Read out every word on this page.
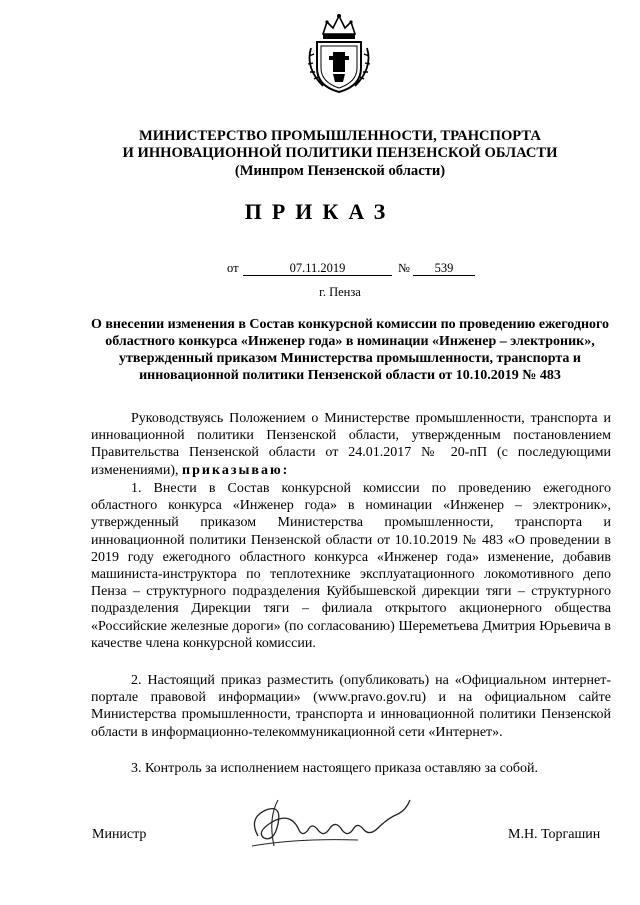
МИНИСТЕРСТВО ПРОМЫШЛЕННОСТИ, ТРАНСПОРТА
И ИННОВАЦИОННОЙ ПОЛИТИКИ ПЕНЗЕНСКОЙ ОБЛАСТИ
(Минпром Пензенской области)
ПРИКАЗ
от	07.11.2019	№	539
г. Пенза
О внесении изменения в Состав конкурсной комиссии по проведению ежегодного областного конкурса «Инженер года» в номинации «Инженер – электроник», утвержденный приказом Министерства промышленности, транспорта и инновационной политики Пензенской области от 10.10.2019 № 483
Руководствуясь Положением о Министерстве промышленности, транспорта и инновационной политики Пензенской области, утвержденным постановлением Правительства Пензенской области от 24.01.2017 № 20-пП (с последующими изменениями), приказываю:
1. Внести в Состав конкурсной комиссии по проведению ежегодного областного конкурса «Инженер года» в номинации «Инженер – электроник», утвержденный приказом Министерства промышленности, транспорта и инновационной политики Пензенской области от 10.10.2019 № 483 «О проведении в 2019 году ежегодного областного конкурса «Инженер года» изменение, добавив машиниста-инструктора по теплотехнике эксплуатационного локомотивного депо Пенза – структурного подразделения Куйбышевской дирекции тяги – структурного подразделения Дирекции тяги – филиала открытого акционерного общества «Российские железные дороги» (по согласованию) Шереметьева Дмитрия Юрьевича в качестве члена конкурсной комиссии.
2. Настоящий приказ разместить (опубликовать) на «Официальном интернет-портале правовой информации» (www.pravo.gov.ru) и на официальном сайте Министерства промышленности, транспорта и инновационной политики Пензенской области в информационно-телекоммуникационной сети «Интернет».
3. Контроль за исполнением настоящего приказа оставляю за собой.
Министр	М.Н. Торгашин
